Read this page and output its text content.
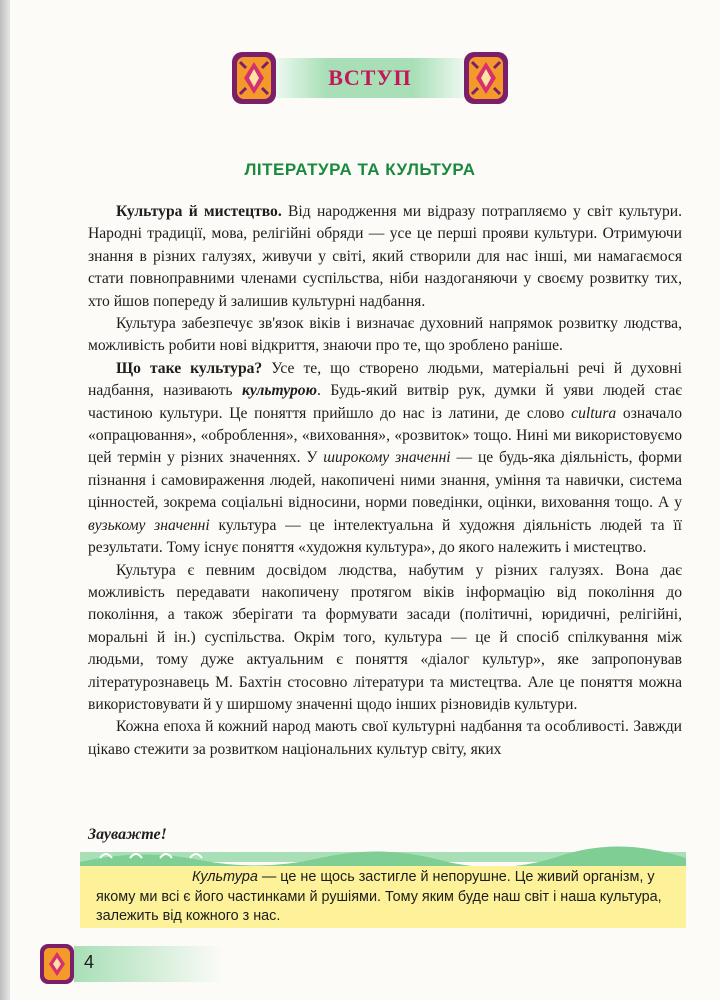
ВСТУП
ЛІТЕРАТУРА ТА КУЛЬТУРА

Культура й мистецтво. Від народження ми відразу потрапляємо у світ культури. Народні традиції, мова, релігійні обряди — усе це перші прояви культури. Отримуючи знання в різних галузях, живучи у світі, який створили для нас інші, ми намагаємося стати повноправними членами суспільства, ніби наздоганяючи у своєму розвитку тих, хто йшов попереду й залишив культурні надбання.

Культура забезпечує зв'язок віків і визначає духовний напрямок розвитку людства, можливість робити нові відкриття, знаючи про те, що зроблено раніше.

Що таке культура? Усе те, що створено людьми, матеріальні речі й духовні надбання, називають культурою. Будь-який витвір рук, думки й уяви людей стає частиною культури. Це поняття прийшло до нас із латини, де слово cultura означало «опрацювання», «оброблення», «виховання», «розвиток» тощо. Нині ми використовуємо цей термін у різних значеннях. У широкому значенні — це будь-яка діяльність, форми пізнання і самовираження людей, накопичені ними знання, уміння та навички, система цінностей, зокрема соціальні відносини, норми поведінки, оцінки, виховання тощо. А у вузькому значенні культура — це інтелектуальна й художня діяльність людей та її результати. Тому існує поняття «художня культура», до якого належить і мистецтво.

Культура є певним досвідом людства, набутим у різних галузях. Вона дає можливість передавати накопичену протягом віків інформацію від покоління до покоління, а також зберігати та формувати засади (політичні, юридичні, релігійні, моральні й ін.) суспільства. Окрім того, культура — це й спосіб спілкування між людьми, тому дуже актуальним є поняття «діалог культур», яке запропонував літературознавець М. Бахтін стосовно літератури та мистецтва. Але це поняття можна використовувати й у ширшому значенні щодо інших різновидів культури.

Кожна епоха й кожний народ мають свої культурні надбання та особливості. Завжди цікаво стежити за розвитком національних культур світу, яких

Зауважте!
Культура — це не щось застигле й непорушне. Це живий організм, у якому ми всі є його частинками й рушіями. Тому яким буде наш світ і наша культура, залежить від кожного з нас.
4
